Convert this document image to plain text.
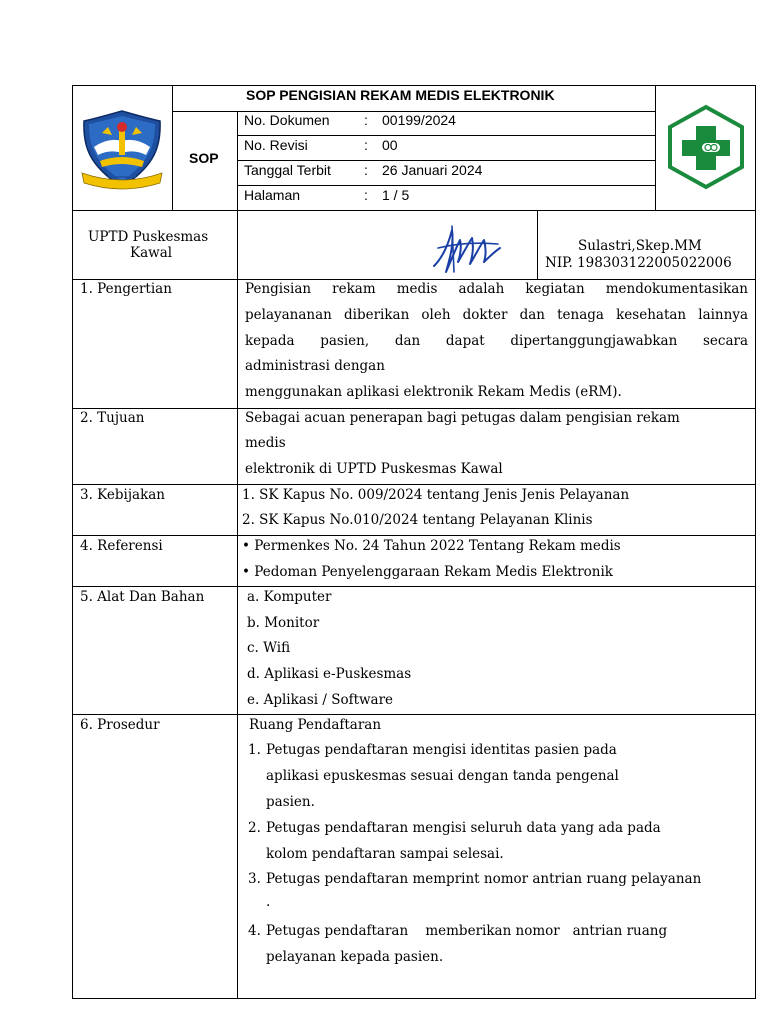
SOP PENGISIAN REKAM MEDIS ELEKTRONIK
SOP
No. Dokumen : 00199/2024
No. Revisi	: 00
Tanggal Terbit : 26 Januari 2024
Halaman	: 1 / 5
UPTD Puskesmas
Kawal	Sulastri,Skep.MM
NIP. 198303122005022006
1. Pengertian	Pengisian rekam medis adalah kegiatan mendokumentasikan
pelayananan diberikan oleh dokter dan tenaga kesehatan lainnya
kepada pasien, dan dapat dipertanggungjawabkan secara
administrasi dengan
menggunakan aplikasi elektronik Rekam Medis (eRM).
2. Tujuan	Sebagai acuan penerapan bagi petugas dalam pengisian rekam
medis
elektronik di UPTD Puskesmas Kawal
3. Kebijakan	1. SK Kapus No. 009/2024 tentang Jenis Jenis Pelayanan
2. SK Kapus No.010/2024 tentang Pelayanan Klinis
4. Referensi	• Permenkes No. 24 Tahun 2022 Tentang Rekam medis
• Pedoman Penyelenggaraan Rekam Medis Elektronik
5. Alat Dan Bahan	a. Komputer
b. Monitor
c. Wifi
d. Aplikasi e-Puskesmas
e. Aplikasi / Software
6. Prosedur	Ruang Pendaftaran
1. Petugas pendaftaran mengisi identitas pasien pada
aplikasi epuskesmas sesuai dengan tanda pengenal
pasien.
2. Petugas pendaftaran mengisi seluruh data yang ada pada
kolom pendaftaran sampai selesai.
3. Petugas pendaftaran memprint nomor antrian ruang pelayanan
.
4. Petugas pendaftaran    memberikan nomor   antrian ruang
pelayanan kepada pasien.
